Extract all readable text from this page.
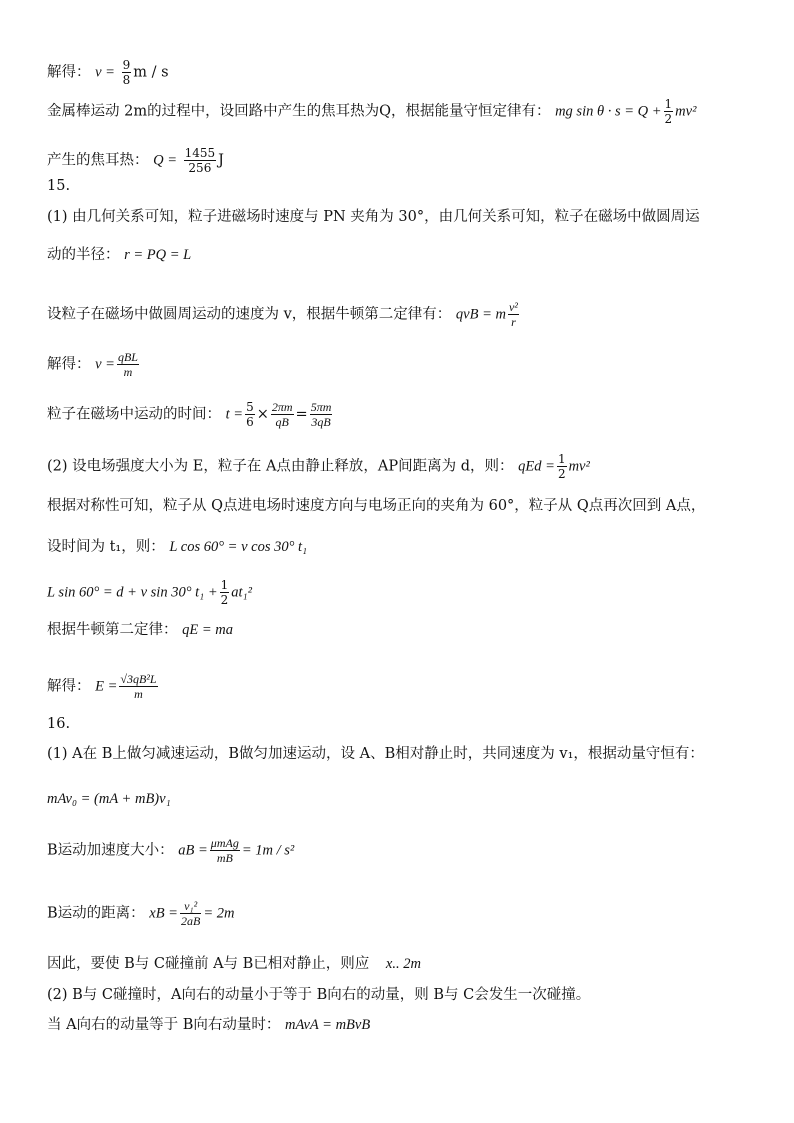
解得： $v = \frac{9}{8}$ m / s
金属棒运动 2m的过程中，设回路中产生的焦耳热为Q，根据能量守恒定律有： mg $\sin \theta \cdot s = Q + \frac{1}{2} mv^2$
产生的焦耳热： $Q = \frac{1455}{256}$ J
15.
(1) 由几何关系可知，粒子进磁场时速度与 PN 夹角为 30°，由几何关系可知，粒子在磁场中做圆周运
动的半径： r = PQ = L
设粒子在磁场中做圆周运动的速度为 v，根据牛顿第二定律有： qvB = m $\frac{\text{v²}}{r}$
解得： $v = \frac{\text{qBL}}{m}$
粒子在磁场中运动的时间： $t = \frac{5}{6} \times \frac{2\pi m}{qB} = \frac{5\pi m}{3qB}$
(2) 设电场强度大小为 E，粒子在 A点由静止释放，AP间距离为 d，则： qEd = $\frac{1}{2} mv^2$
根据对称性可知，粒子从 Q点进电场时速度方向与电场正向的夹角为 60°，粒子从 Q点再次回到 A点，
设时间为 t₁，则： L cos 60° = v cos 30° t₁
L sin 60° = d + v sin 30° $t_1 + \frac{1}{2} at_1^2$
根据牛顿第二定律： qE = ma
解得： $E = \frac{\text{√3qB²L}}{m}$
16.
(1) A在 B上做匀减速运动，B做匀加速运动，设 A、B相对静止时，共同速度为 v₁，根据动量守恒有：
mAv₀ = (mA + mB)v₁
B运动加速度大小： aB = $\frac{\text{μmAg}}{mB} = 1m / s^2$
B运动的距离： xB = $\frac{\text{v₁²}}{2aB} = 2m$
因此，要使 B与 C碰撞前 A与 B已相对静止，则应 x.. 2m
(2) B与 C碰撞时，A向右的动量小于等于 B向右的动量，则 B与 C会发生一次碰撞。
当 A向右的动量等于 B向右动量时： mAvA = mBvB
